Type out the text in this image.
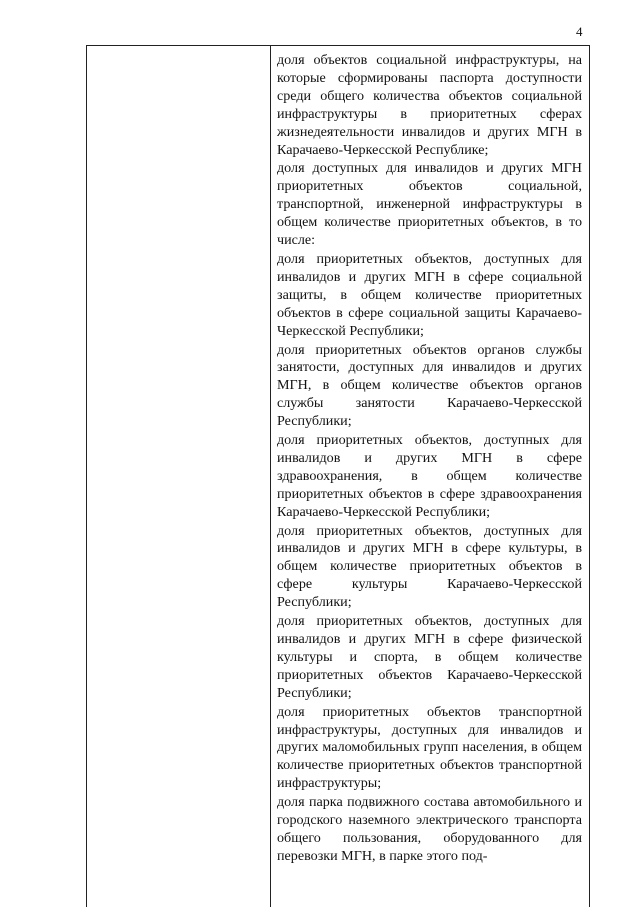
4

доля объектов социальной инфраструктуры, на которые сформированы паспорта доступности среди общего количества объектов социальной инфраструктуры в приоритетных сферах жизнедеятельности инвалидов и других МГН в Карачаево-Черкесской Республике;

доля доступных для инвалидов и других МГН приоритетных объектов социальной, транспортной, инженерной инфраструктуры в общем количестве приоритетных объектов, в то числе:

доля приоритетных объектов, доступных для инвалидов и других МГН в сфере социальной защиты, в общем количестве приоритетных объектов в сфере социальной защиты Карачаево-Черкесской Республики;

доля приоритетных объектов органов службы занятости, доступных для инвалидов и других МГН, в общем количестве объектов органов службы занятости Карачаево-Черкесской Республики;

доля приоритетных объектов, доступных для инвалидов и других МГН в сфере здравоохранения, в общем количестве приоритетных объектов в сфере здравоохранения Карачаево-Черкесской Республики;

доля приоритетных объектов, доступных для инвалидов и других МГН в сфере культуры, в общем количестве приоритетных объектов в сфере культуры Карачаево-Черкесской Республики;

доля приоритетных объектов, доступных для инвалидов и других МГН в сфере физической культуры и спорта, в общем количестве приоритетных объектов Карачаево-Черкесской Республики;

доля приоритетных объектов транспортной инфраструктуры, доступных для инвалидов и других маломобильных групп населения, в общем количестве приоритетных объектов транспортной инфраструктуры;

доля парка подвижного состава автомобильного и городского наземного электрического транспорта общего пользования, оборудованного для перевозки МГН, в парке этого под-
